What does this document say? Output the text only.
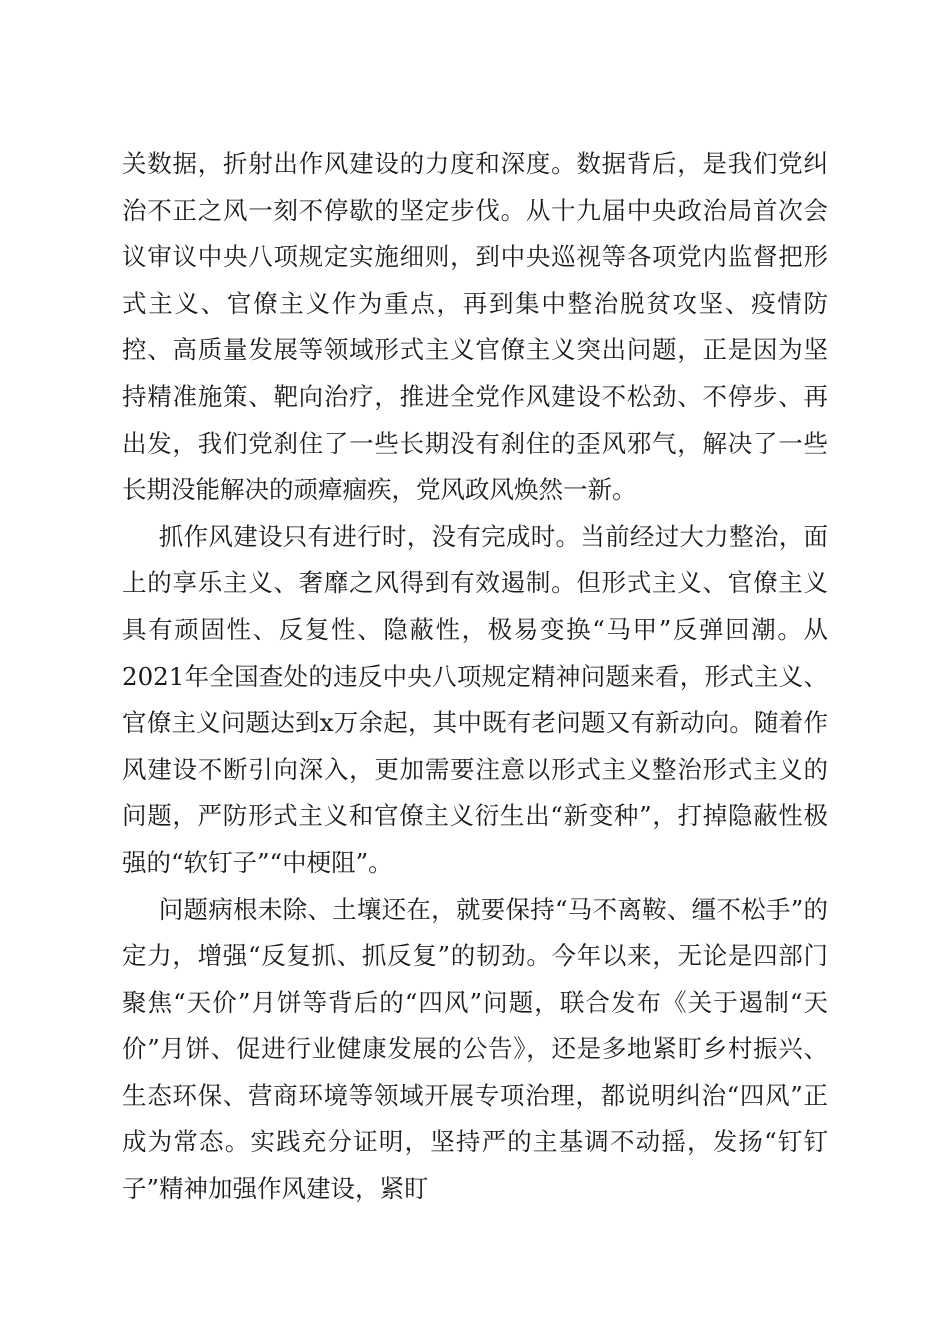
关数据，折射出作风建设的力度和深度。数据背后，是我们党纠治不正之风一刻不停歇的坚定步伐。从十九届中央政治局首次会议审议中央八项规定实施细则，到中央巡视等各项党内监督把形式主义、官僚主义作为重点，再到集中整治脱贫攻坚、疫情防控、高质量发展等领域形式主义官僚主义突出问题，正是因为坚持精准施策、靶向治疗，推进全党作风建设不松劲、不停步、再出发，我们党刹住了一些长期没有刹住的歪风邪气，解决了一些长期没能解决的顽瘴痼疾，党风政风焕然一新。

抓作风建设只有进行时，没有完成时。当前经过大力整治，面上的享乐主义、奢靡之风得到有效遏制。但形式主义、官僚主义具有顽固性、反复性、隐蔽性，极易变换“马甲”反弹回潮。从2021年全国查处的违反中央八项规定精神问题来看，形式主义、官僚主义问题达到x万余起，其中既有老问题又有新动向。随着作风建设不断引向深入，更加需要注意以形式主义整治形式主义的问题，严防形式主义和官僚主义衍生出“新变种”，打掉隐蔽性极强的“软钉子”“中梗阻”。

问题病根未除、土壤还在，就要保持“马不离鞍、缰不松手”的定力，增强“反复抓、抓反复”的韧劲。今年以来，无论是四部门聚焦“天价”月饼等背后的“四风”问题，联合发布《关于遏制“天价”月饼、促进行业健康发展的公告》，还是多地紧盯乡村振兴、生态环保、营商环境等领域开展专项治理，都说明纠治“四风”正成为常态。实践充分证明，坚持严的主基调不动摇，发扬“钉钉子”精神加强作风建设，紧盯
